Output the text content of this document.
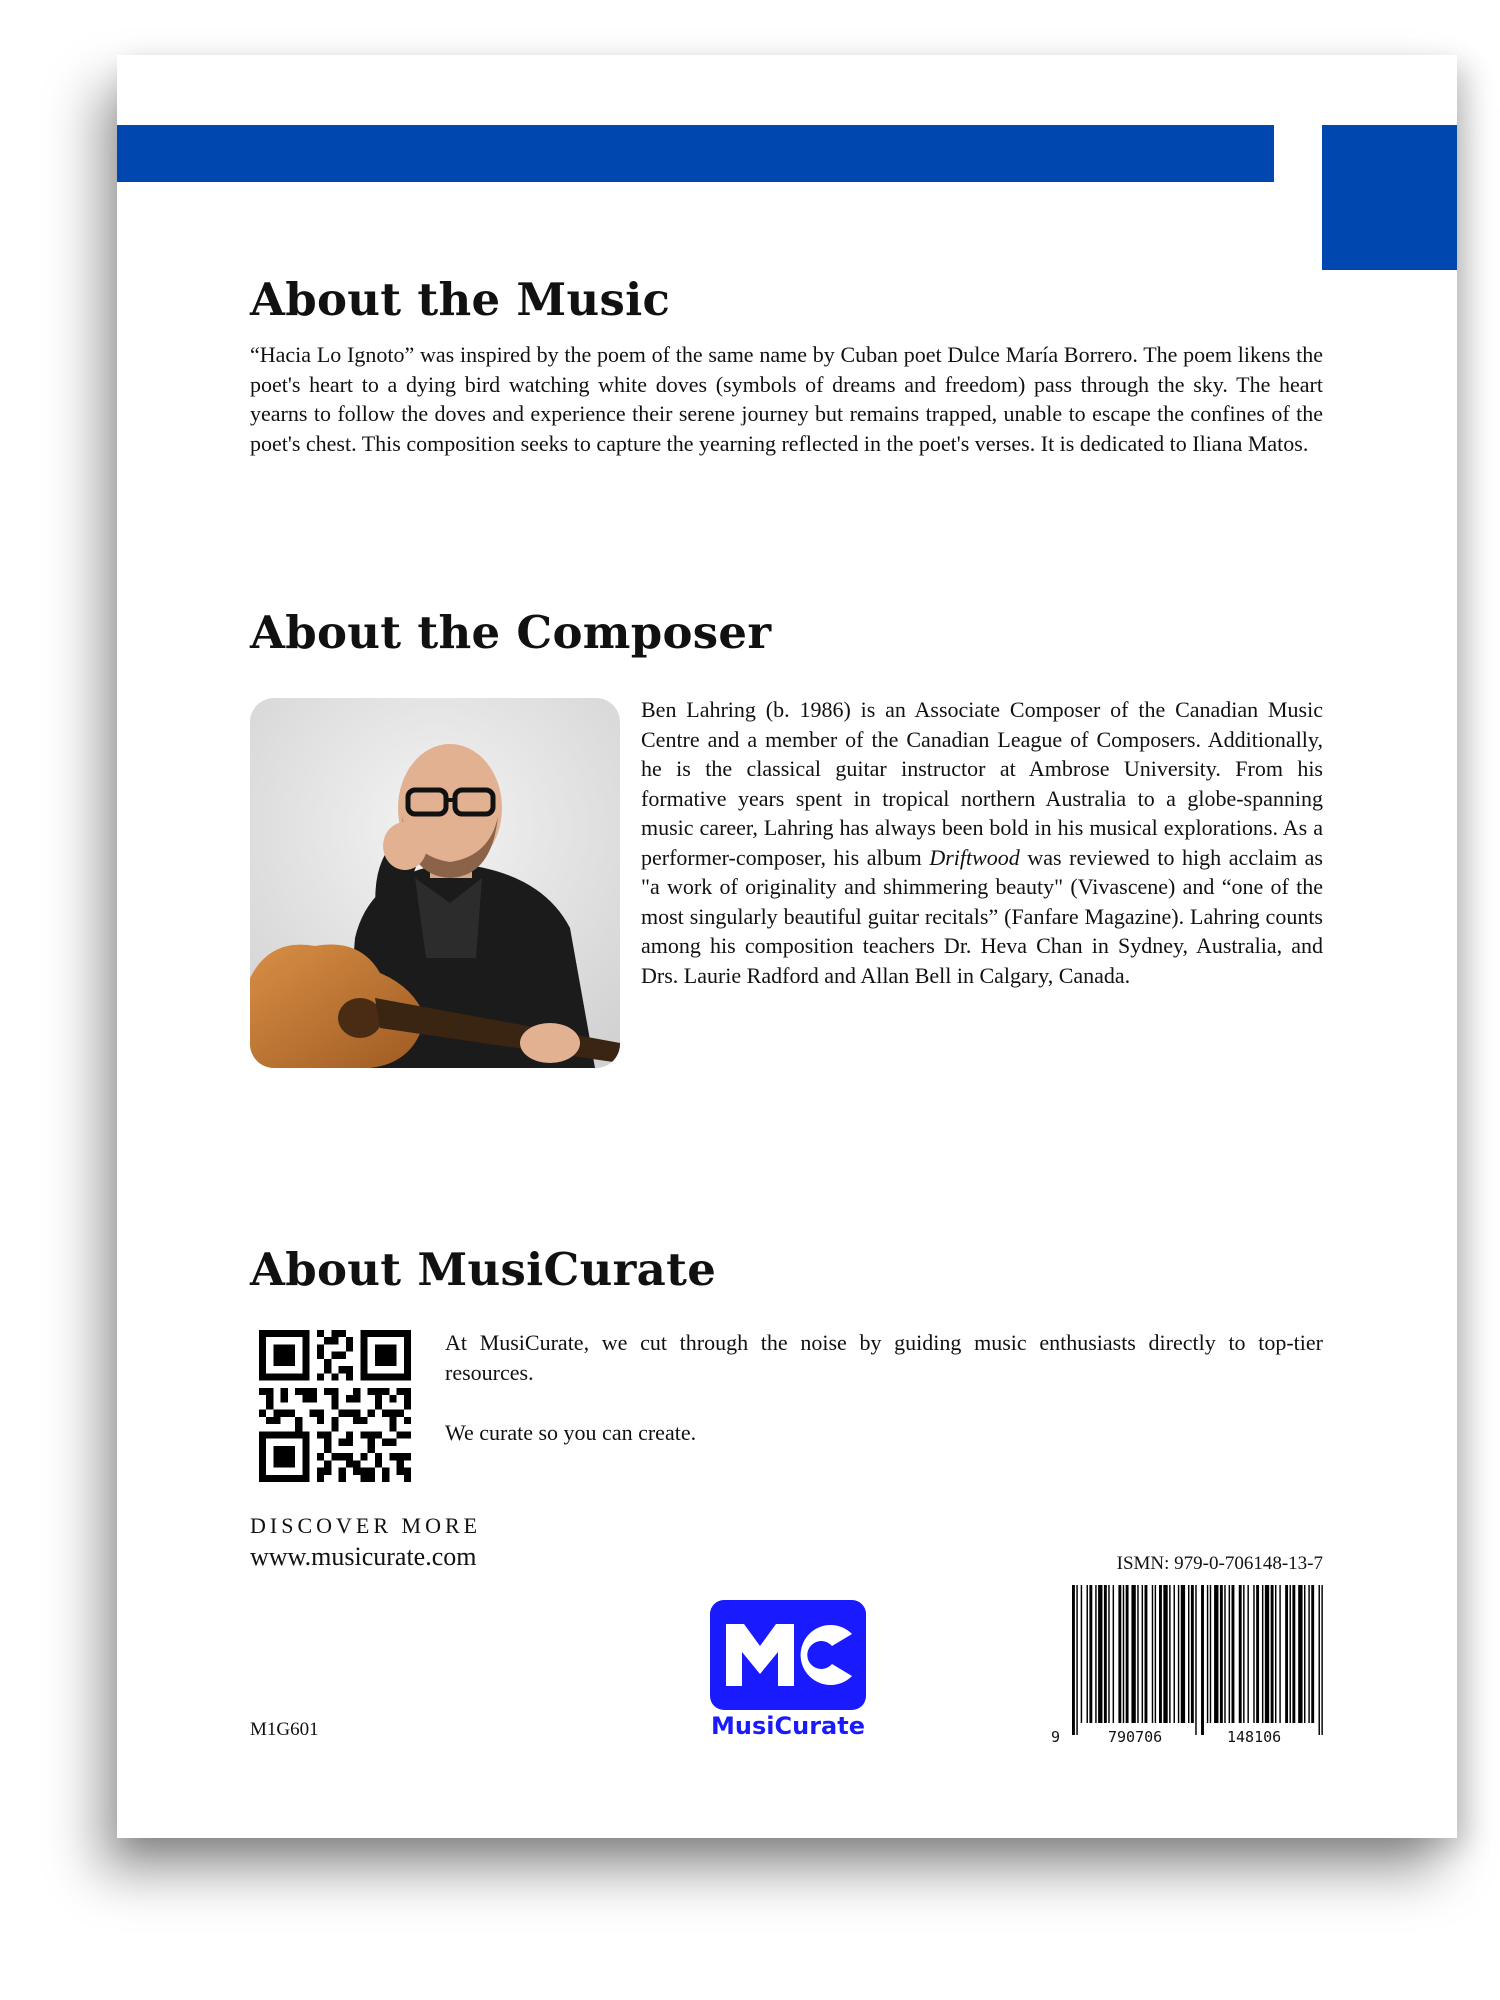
About the Music

“Hacia Lo Ignoto” was inspired by the poem of the same name by Cuban poet Dulce María Borrero. The poem likens the poet's heart to a dying bird watching white doves (symbols of dreams and freedom) pass through the sky. The heart yearns to follow the doves and experience their serene journey but remains trapped, unable to escape the confines of the poet's chest. This composition seeks to capture the yearning reflected in the poet's verses. It is dedicated to Iliana Matos.

About the Composer

Ben Lahring (b. 1986) is an Associate Composer of the Canadian Music Centre and a member of the Canadian League of Composers. Additionally, he is the classical guitar instructor at Ambrose University. From his formative years spent in tropical northern Australia to a globe-spanning music career, Lahring has always been bold in his musical explorations. As a performer-composer, his album Driftwood was reviewed to high acclaim as "a work of originality and shimmering beauty" (Vivascene) and “one of the most singularly beautiful guitar recitals” (Fanfare Magazine). Lahring counts among his composition teachers Dr. Heva Chan in Sydney, Australia, and Drs. Laurie Radford and Allan Bell in Calgary, Canada.

About MusiCurate

At MusiCurate, we cut through the noise by guiding music enthusiasts directly to top-tier resources.

We curate so you can create.

DISCOVER MORE
www.musicurate.com	ISMN: 979-0-706148-13-7
9	790706	148106
MusiCurate
M1G601
